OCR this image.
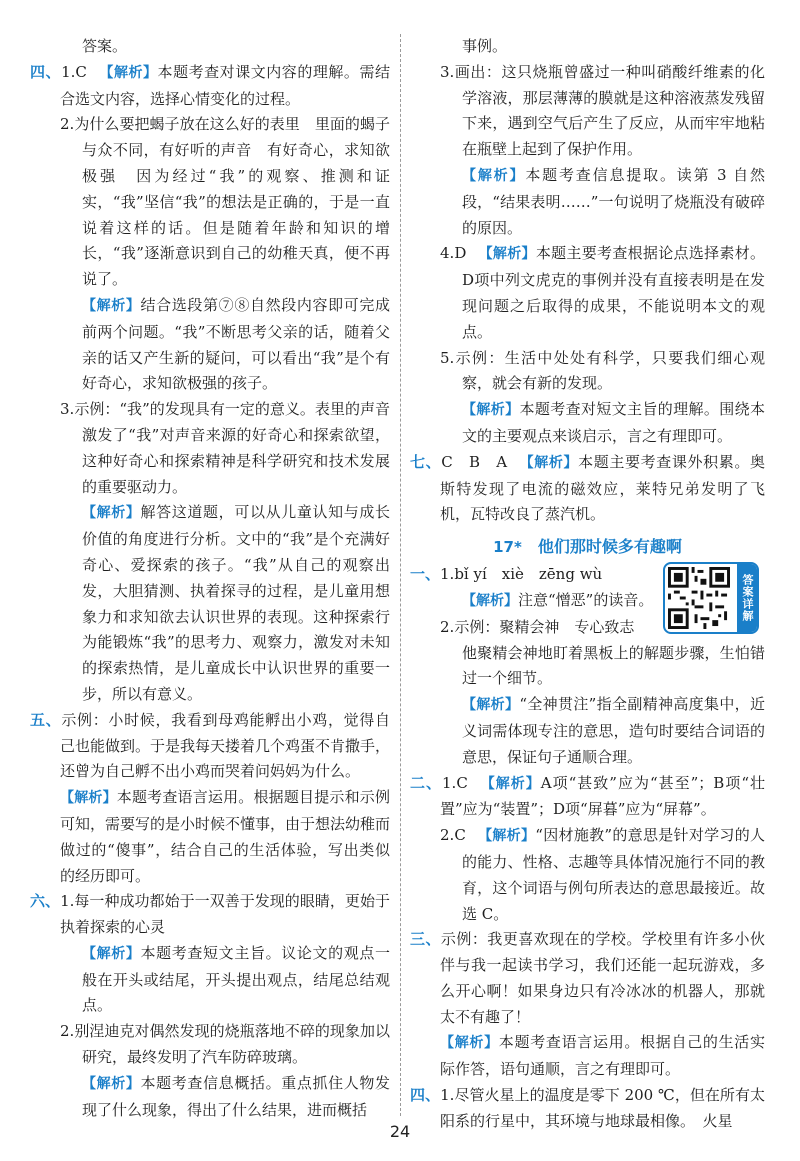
答案。

四、1.C 【解析】本题考查对课文内容的理解。需结合选文内容，选择心情变化的过程。

2.为什么要把蝎子放在这么好的表里　里面的蝎子与众不同，有好听的声音　有好奇心，求知欲极强　因为经过“我”的观察、推测和证实，“我”坚信“我”的想法是正确的，于是一直说着这样的话。但是随着年龄和知识的增长，“我”逐渐意识到自己的幼稚天真，便不再说了。

【解析】结合选段第⑦⑧自然段内容即可完成前两个问题。“我”不断思考父亲的话，随着父亲的话又产生新的疑问，可以看出“我”是个有好奇心，求知欲极强的孩子。

3.示例：“我”的发现具有一定的意义。表里的声音激发了“我”对声音来源的好奇心和探索欲望，这种好奇心和探索精神是科学研究和技术发展的重要驱动力。

【解析】解答这道题，可以从儿童认知与成长价值的角度进行分析。文中的“我”是个充满好奇心、爱探索的孩子。“我”从自己的观察出发，大胆猜测、执着探寻的过程，是儿童用想象力和求知欲去认识世界的表现。这种探索行为能锻炼“我”的思考力、观察力，激发对未知的探索热情，是儿童成长中认识世界的重要一步，所以有意义。

五、示例：小时候，我看到母鸡能孵出小鸡，觉得自己也能做到。于是我每天搂着几个鸡蛋不肯撒手，还曾为自己孵不出小鸡而哭着问妈妈为什么。

【解析】本题考查语言运用。根据题目提示和示例可知，需要写的是小时候不懂事，由于想法幼稚而做过的“傻事”，结合自己的生活体验，写出类似的经历即可。

六、1.每一种成功都始于一双善于发现的眼睛，更始于执着探索的心灵

【解析】本题考查短文主旨。议论文的观点一般在开头或结尾，开头提出观点，结尾总结观点。

2.别涅迪克对偶然发现的烧瓶落地不碎的现象加以研究，最终发明了汽车防碎玻璃。

【解析】本题考查信息概括。重点抓住人物发现了什么现象，得出了什么结果，进而概括

事例。

3.画出：这只烧瓶曾盛过一种叫硝酸纤维素的化学溶液，那层薄薄的膜就是这种溶液蒸发残留下来，遇到空气后产生了反应，从而牢牢地粘在瓶壁上起到了保护作用。

【解析】本题考查信息提取。读第 3 自然段，“结果表明……”一句说明了烧瓶没有破碎的原因。

4.D 【解析】本题主要考查根据论点选择素材。D项中列文虎克的事例并没有直接表明是在发现问题之后取得的成果，不能说明本文的观点。

5.示例：生活中处处有科学，只要我们细心观察，就会有新的发现。

【解析】本题考查对短文主旨的理解。围绕本文的主要观点来谈启示，言之有理即可。

七、C　B　A 【解析】本题主要考查课外积累。奥斯特发现了电流的磁效应，莱特兄弟发明了飞机，瓦特改良了蒸汽机。

17* 他们那时候多有趣啊
答案详解

一、1.bǐ yí　xiè　zēng wù

【解析】注意“憎恶”的读音。

2.示例：聚精会神　专心致志

他聚精会神地盯着黑板上的解题步骤，生怕错过一个细节。

【解析】“全神贯注”指全副精神高度集中，近义词需体现专注的意思，造句时要结合词语的意思，保证句子通顺合理。

二、1.C 【解析】A项“甚致”应为“甚至”；B项“壮置”应为“装置”；D项“屏暮”应为“屏幕”。

2.C 【解析】“因材施教”的意思是针对学习的人的能力、性格、志趣等具体情况施行不同的教育，这个词语与例句所表达的意思最接近。故选 C。

三、示例：我更喜欢现在的学校。学校里有许多小伙伴与我一起读书学习，我们还能一起玩游戏，多么开心啊！如果身边只有冷冰冰的机器人，那就太不有趣了！

【解析】本题考查语言运用。根据自己的生活实际作答，语句通顺，言之有理即可。

四、1.尽管火星上的温度是零下 200 ℃，但在所有太阳系的行星中，其环境与地球最相像。　火星

24
